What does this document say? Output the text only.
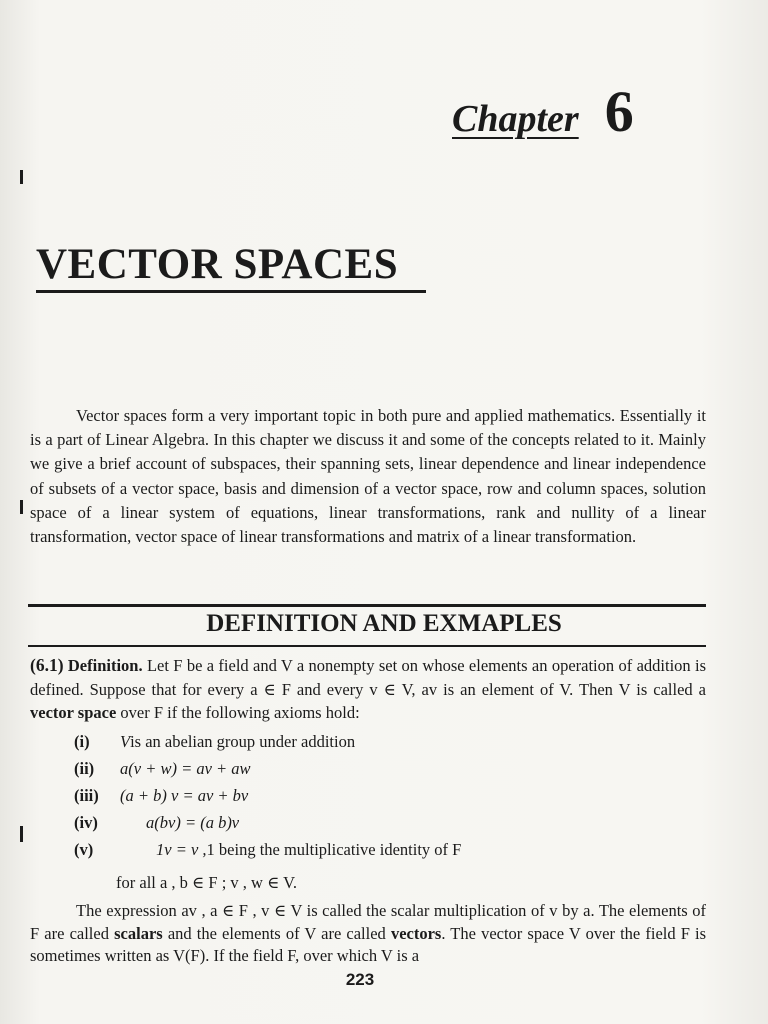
Chapter 6
VECTOR SPACES

Vector spaces form a very important topic in both pure and applied mathematics. Essentially it is a part of Linear Algebra. In this chapter we discuss it and some of the concepts related to it. Mainly we give a brief account of subspaces, their spanning sets, linear dependence and linear independence of subsets of a vector space, basis and dimension of a vector space, row and column spaces, solution space of a linear system of equations, linear transformations, rank and nullity of a linear transformation, vector space of linear transformations and matrix of a linear transformation.

DEFINITION AND EXMAPLES

(6.1) Definition. Let F be a field and V a nonempty set on whose elements an operation of addition is defined. Suppose that for every a ∈ F and every v ∈ V, av is an element of V. Then V is called a vector space over F if the following axioms hold:

(i)	V is an abelian group under addition
(ii)	a(v + w) = av + aw
(iii)	(a + b) v = av + bv
(iv)	a(bv) = (a b)v
(v)	1v = v , 1 being the multiplicative identity of F
for all a , b ∈ F ; v , w ∈ V.

The expression av , a ∈ F , v ∈ V is called the scalar multiplication of v by a. The elements of F are called scalars and the elements of V are called vectors. The vector space V over the field F is sometimes written as V(F). If the field F, over which V is a

223
